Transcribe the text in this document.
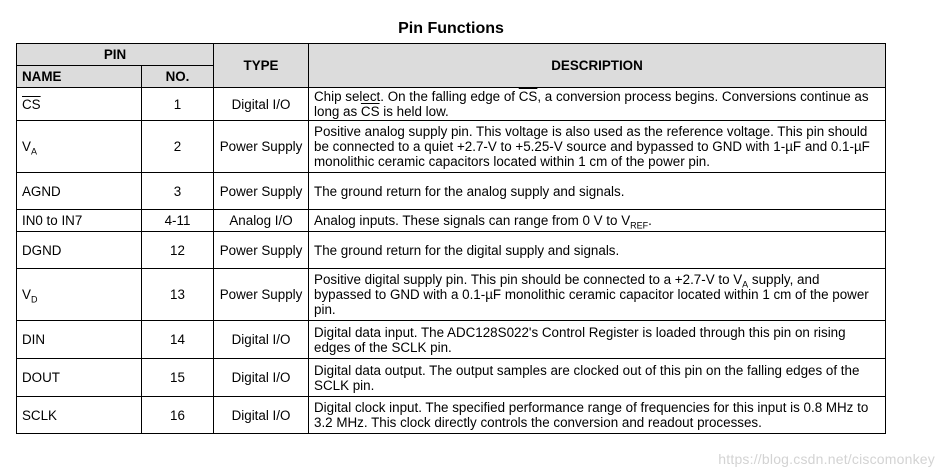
Pin Functions
PIN		TYPE	DESCRIPTION
NAME	NO.		
$\overline{CS}$	1	Digital I/O	Chip select. On the falling edge of $\overline{CS}$, a conversion process begins. Conversions continue as long as $\overline{CS}$ is held low.
$V_A$	2	Power Supply	Positive analog supply pin. This voltage is also used as the reference voltage. This pin should be connected to a quiet +2.7-V to +5.25-V source and bypassed to GND with 1-µF and 0.1-µF monolithic ceramic capacitors located within 1 cm of the power pin.
AGND	3	Power Supply	The ground return for the analog supply and signals.
IN0 to IN7	4-11	Analog I/O	Analog inputs. These signals can range from 0 V to $V_{REF}$.
DGND	12	Power Supply	The ground return for the digital supply and signals.
$V_D$	13	Power Supply	Positive digital supply pin. This pin should be connected to a +2.7-V to $V_A$ supply, and bypassed to GND with a 0.1-µF monolithic ceramic capacitor located within 1 cm of the power pin.
DIN	14	Digital I/O	Digital data input. The ADC128S022's Control Register is loaded through this pin on rising edges of the SCLK pin.
DOUT	15	Digital I/O	Digital data output. The output samples are clocked out of this pin on the falling edges of the SCLK pin.
SCLK	16	Digital I/O	Digital clock input. The specified performance range of frequencies for this input is 0.8 MHz to 3.2 MHz. This clock directly controls the conversion and readout processes.
https://blog.csdn.net/ciscomonkey
